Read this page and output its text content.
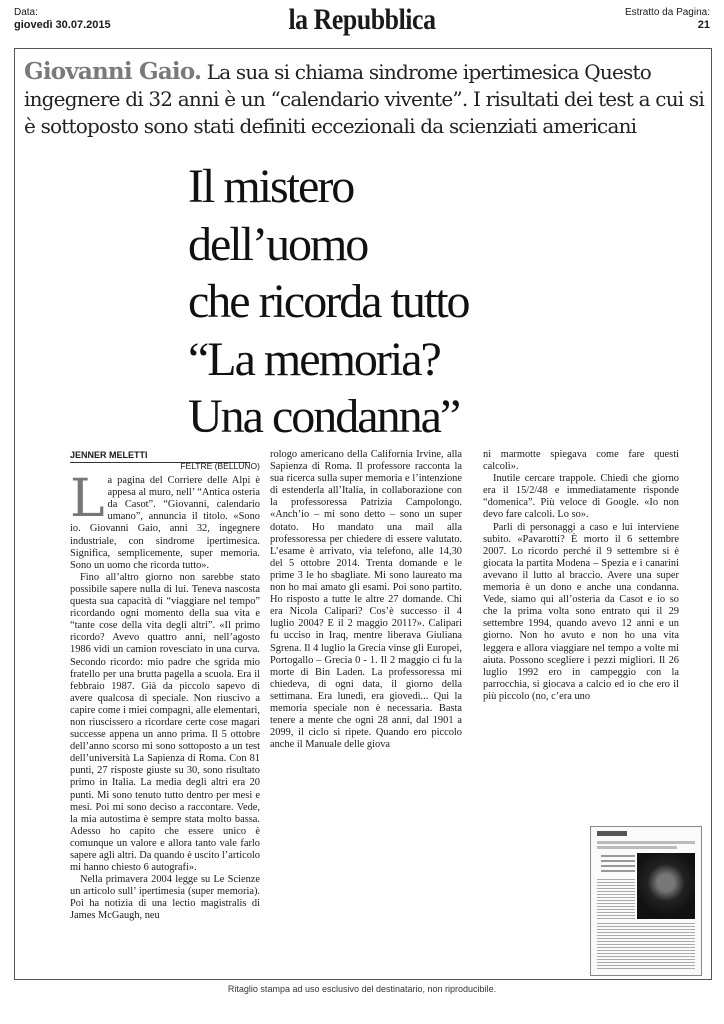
Data:
giovedì 30.07.2015	la Repubblica	Estratto da Pagina:
21
Giovanni Gaio. La sua si chiama sindrome ipertimesica Questo ingegnere di 32 anni è un “calendario vivente”. I risultati dei test a cui si è sottoposto sono stati definiti eccezionali da scienziati americani
Il mistero
dell’uomo
che ricorda tutto
“La memoria?
Una condanna”
JENNER MELETTI
FELTRE (BELLUNO)

La pagina del Corriere delle Alpi è appesa al muro, nell’ “Antica osteria da Casot”. “Giovanni, calendario umano”, annuncia il titolo. «Sono io. Giovanni Gaio, anni 32, ingegnere industriale, con sindrome ipertimesica. Significa, semplicemente, super memoria. Sono un uomo che ricorda tutto».

Fino all’altro giorno non sarebbe stato possibile sapere nulla di lui. Teneva nascosta questa sua capacità di “viaggiare nel tempo” ricordando ogni momento della sua vita e “tante cose della vita degli altri”. «Il primo ricordo? Avevo quattro anni, nell’agosto 1986 vidi un camion rovesciato in una curva. Secondo ricordo: mio padre che sgrida mio fratello per una brutta pagella a scuola. Era il febbraio 1987. Già da piccolo sapevo di avere qualcosa di speciale. Non riuscivo a capire come i miei compagni, alle elementari, non riuscissero a ricordare certe cose magari successe appena un anno prima. Il 5 ottobre dell’anno scorso mi sono sottoposto a un test dell’università La Sapienza di Roma. Con 81 punti, 27 risposte giuste su 30, sono risultato primo in Italia. La media degli altri era 20 punti. Mi sono tenuto tutto dentro per mesi e mesi. Poi mi sono deciso a raccontare. Vede, la mia autostima è sempre stata molto bassa. Adesso ho capito che essere unico è comunque un valore e allora tanto vale farlo sapere agli altri. Da quando è uscito l’articolo mi hanno chiesto 6 autografi».

Nella primavera 2004 legge su Le Scienze un articolo sull’ ipertimesia (super memoria). Poi ha notizia di una lectio magistralis di James McGaugh, neu

rologo americano della California Irvine, alla Sapienza di Roma. Il professore racconta la sua ricerca sulla super memoria e l’intenzione di estenderla all’Italia, in collaborazione con la professoressa Patrizia Campolongo. «Anch’io – mi sono detto – sono un super dotato. Ho mandato una mail alla professoressa per chiedere di essere valutato. L’esame è arrivato, via telefono, alle 14,30 del 5 ottobre 2014. Trenta domande e le prime 3 le ho sbagliate. Mi sono laureato ma non ho mai amato gli esami. Poi sono partito. Ho risposto a tutte le altre 27 domande. Chi era Nicola Calipari? Cos’è successo il 4 luglio 2004? E il 2 maggio 2011?». Calipari fu ucciso in Iraq, mentre liberava Giuliana Sgrena. Il 4 luglio la Grecia vinse gli Europei, Portogallo – Grecia 0 - 1. Il 2 maggio ci fu la morte di Bin Laden. La professoressa mi chiedeva, di ogni data, il giorno della settimana. Era lunedì, era giovedì... Qui la memoria speciale non è necessaria. Basta tenere a mente che ogni 28 anni, dal 1901 a 2099, il ciclo si ripete. Quando ero piccolo anche il Manuale delle giova

ni marmotte spiegava come fare questi calcoli».

Inutile cercare trappole. Chiedi che giorno era il 15/2/48 e immediatamente risponde “domenica”. Più veloce di Google. «Io non devo fare calcoli. Lo so».

Parli di personaggi a caso e lui interviene subito. «Pavarotti? È morto il 6 settembre 2007. Lo ricordo perché il 9 settembre si è giocata la partita Modena – Spezia e i canarini avevano il lutto al braccio. Avere una super memoria è un dono e anche una condanna. Vede, siamo qui all’osteria da Casot e io so che la prima volta sono entrato qui il 29 settembre 1994, quando avevo 12 anni e un giorno. Non ho avuto e non ho una vita leggera e allora viaggiare nel tempo a volte mi aiuta. Possono scegliere i pezzi migliori. Il 26 luglio 1992 ero in campeggio con la parrocchia, si giocava a calcio ed io che ero il più piccolo (no, c’era uno

Ritaglio stampa ad uso esclusivo del destinatario, non riproducibile.
